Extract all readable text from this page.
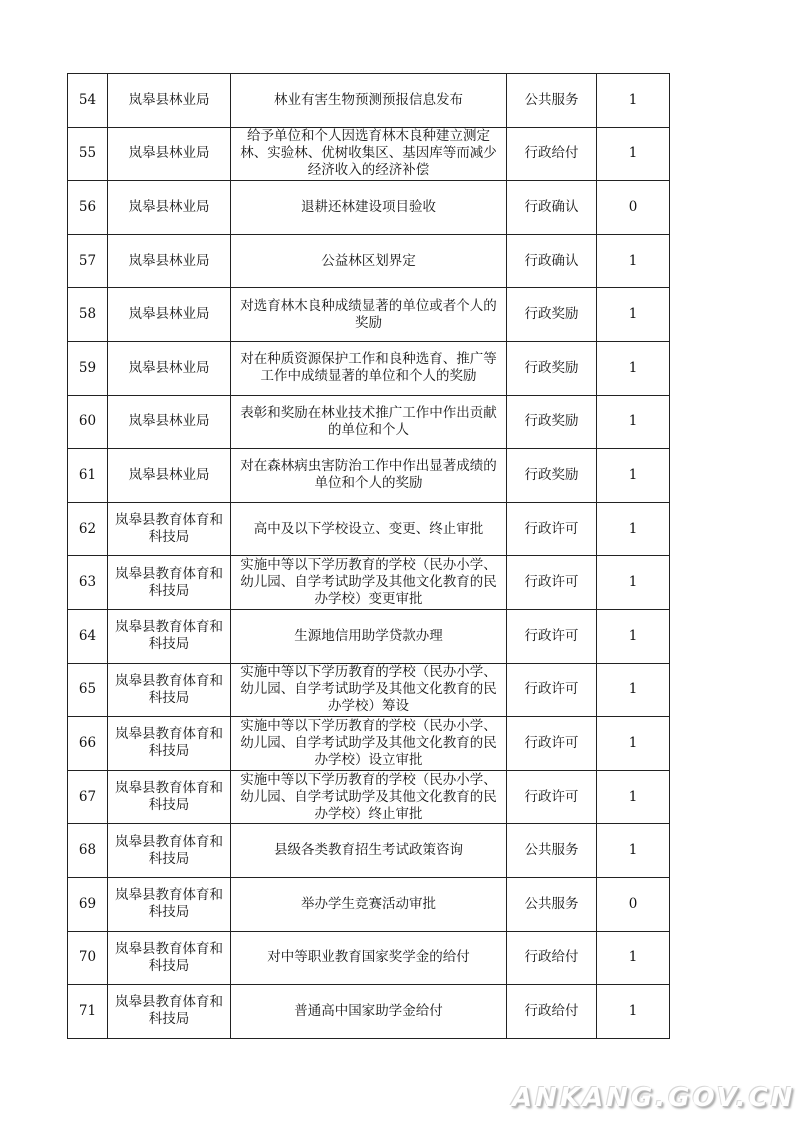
54	岚皋县林业局	林业有害生物预测预报信息发布	公共服务	1
55	岚皋县林业局	给予单位和个人因选育林木良种建立测定林、实验林、优树收集区、基因库等而减少经济收入的经济补偿	行政给付	1
56	岚皋县林业局	退耕还林建设项目验收	行政确认	0
57	岚皋县林业局	公益林区划界定	行政确认	1
58	岚皋县林业局	对选育林木良种成绩显著的单位或者个人的奖励	行政奖励	1
59	岚皋县林业局	对在种质资源保护工作和良种选育、推广等工作中成绩显著的单位和个人的奖励	行政奖励	1
60	岚皋县林业局	表彰和奖励在林业技术推广工作中作出贡献的单位和个人	行政奖励	1
61	岚皋县林业局	对在森林病虫害防治工作中作出显著成绩的单位和个人的奖励	行政奖励	1
62	岚皋县教育体育和科技局	高中及以下学校设立、变更、终止审批	行政许可	1
63	岚皋县教育体育和科技局	实施中等以下学历教育的学校（民办小学、幼儿园、自学考试助学及其他文化教育的民办学校）变更审批	行政许可	1
64	岚皋县教育体育和科技局	生源地信用助学贷款办理	行政许可	1
65	岚皋县教育体育和科技局	实施中等以下学历教育的学校（民办小学、幼儿园、自学考试助学及其他文化教育的民办学校）筹设	行政许可	1
66	岚皋县教育体育和科技局	实施中等以下学历教育的学校（民办小学、幼儿园、自学考试助学及其他文化教育的民办学校）设立审批	行政许可	1
67	岚皋县教育体育和科技局	实施中等以下学历教育的学校（民办小学、幼儿园、自学考试助学及其他文化教育的民办学校）终止审批	行政许可	1
68	岚皋县教育体育和科技局	县级各类教育招生考试政策咨询	公共服务	1
69	岚皋县教育体育和科技局	举办学生竞赛活动审批	公共服务	0
70	岚皋县教育体育和科技局	对中等职业教育国家奖学金的给付	行政给付	1
71	岚皋县教育体育和科技局	普通高中国家助学金给付	行政给付	1
ANKANG.GOV.CN
